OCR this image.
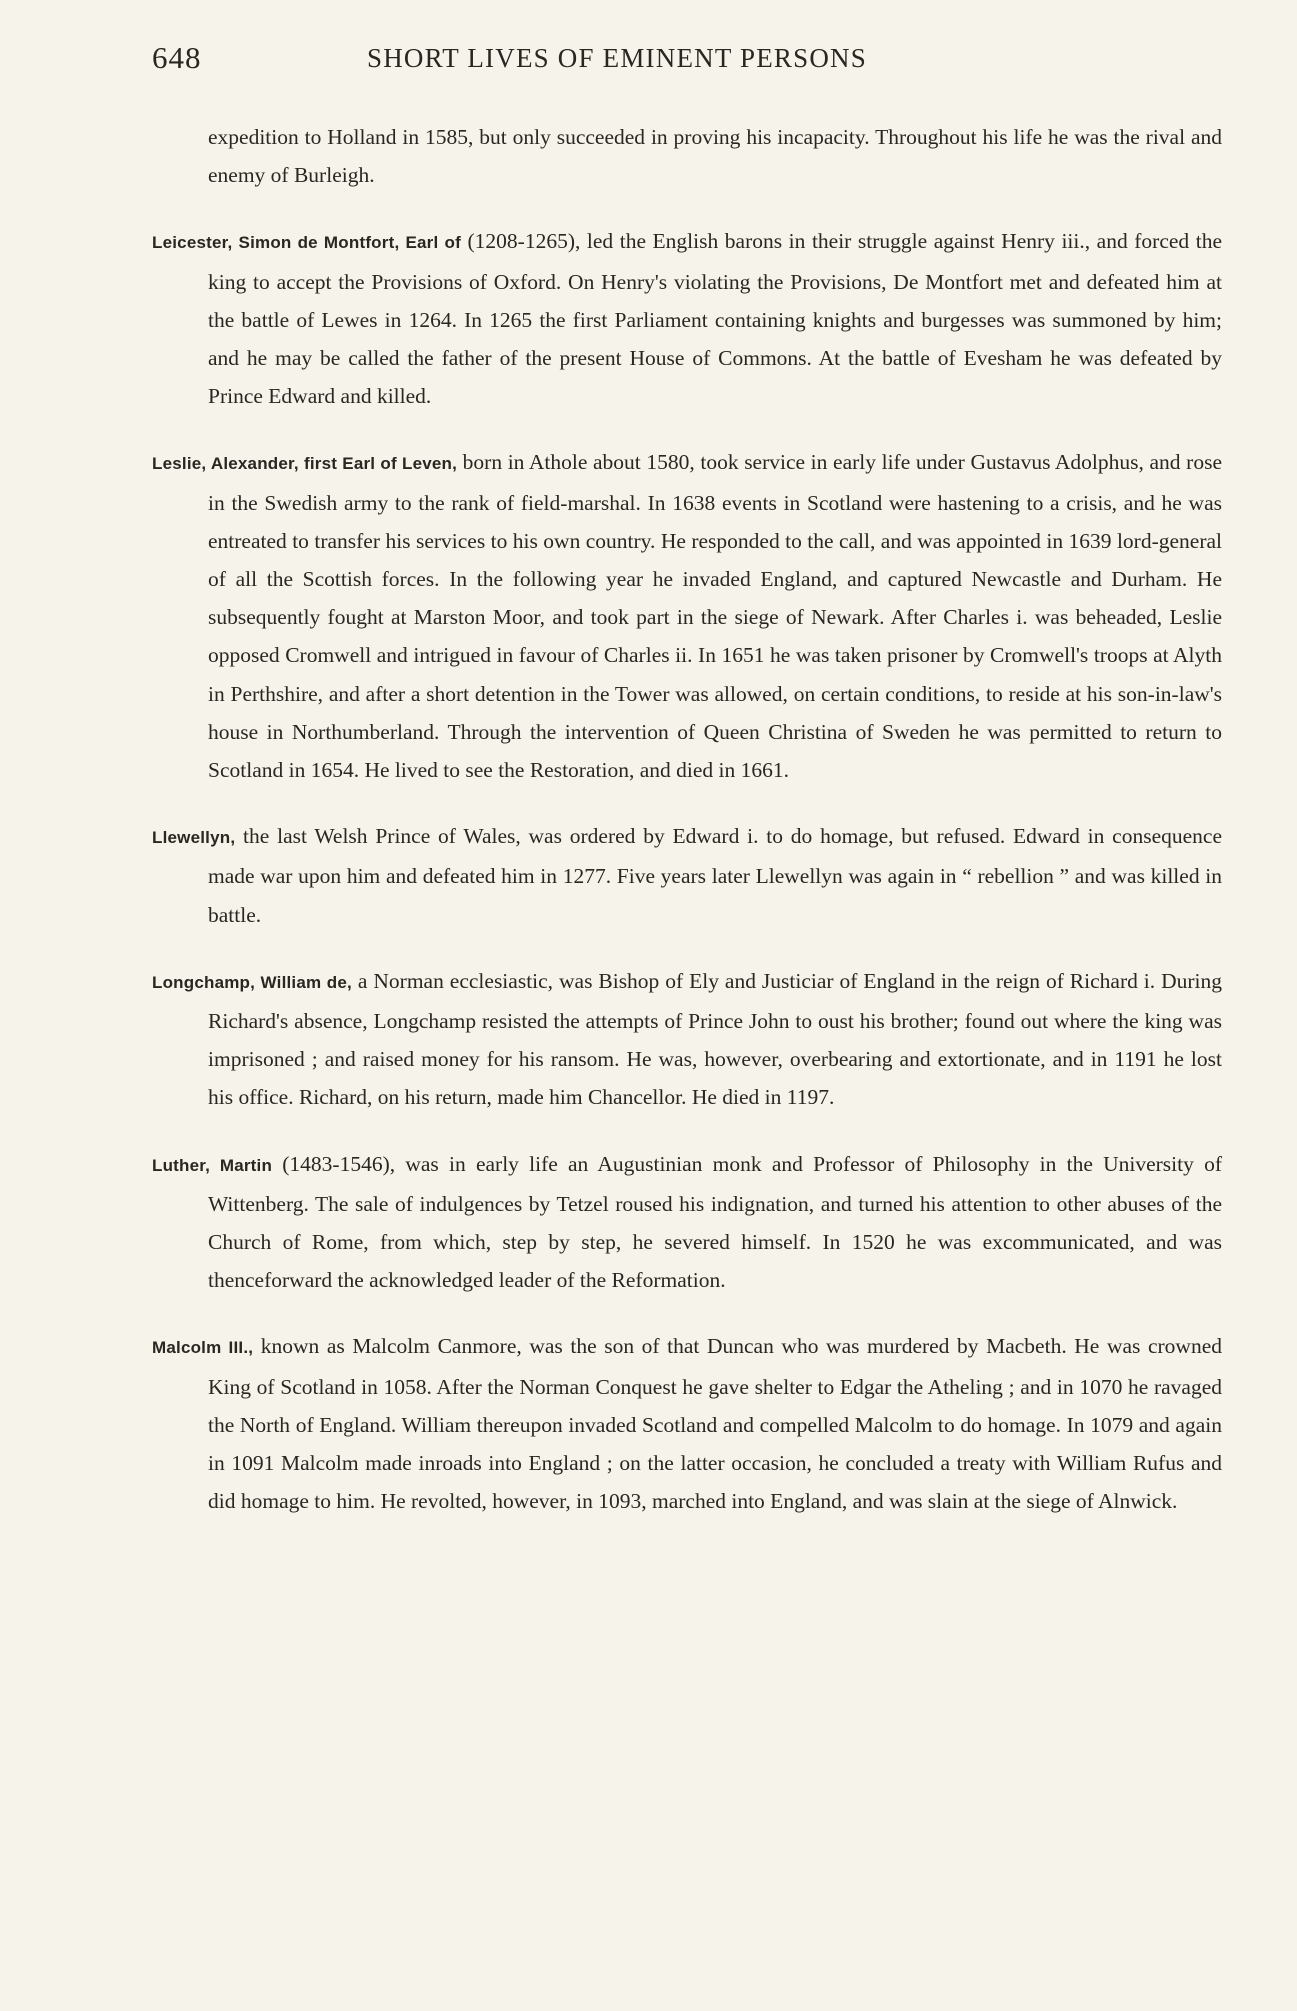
648	SHORT LIVES OF EMINENT PERSONS

expedition to Holland in 1585, but only succeeded in proving his incapacity. Throughout his life he was the rival and enemy of Burleigh.

Leicester, Simon de Montfort, Earl of (1208-1265), led the English barons in their struggle against Henry iii., and forced the king to accept the Provisions of Oxford. On Henry's violating the Provisions, De Montfort met and defeated him at the battle of Lewes in 1264. In 1265 the first Parliament containing knights and burgesses was summoned by him; and he may be called the father of the present House of Commons. At the battle of Evesham he was defeated by Prince Edward and killed.

Leslie, Alexander, first Earl of Leven, born in Athole about 1580, took service in early life under Gustavus Adolphus, and rose in the Swedish army to the rank of field-marshal. In 1638 events in Scotland were hastening to a crisis, and he was entreated to transfer his services to his own country. He responded to the call, and was appointed in 1639 lord-general of all the Scottish forces. In the following year he invaded England, and captured Newcastle and Durham. He subsequently fought at Marston Moor, and took part in the siege of Newark. After Charles i. was beheaded, Leslie opposed Cromwell and intrigued in favour of Charles ii. In 1651 he was taken prisoner by Cromwell's troops at Alyth in Perthshire, and after a short detention in the Tower was allowed, on certain conditions, to reside at his son-in-law's house in Northumberland. Through the intervention of Queen Christina of Sweden he was permitted to return to Scotland in 1654. He lived to see the Restoration, and died in 1661.

Llewellyn, the last Welsh Prince of Wales, was ordered by Edward i. to do homage, but refused. Edward in consequence made war upon him and defeated him in 1277. Five years later Llewellyn was again in “ rebellion ” and was killed in battle.

Longchamp, William de, a Norman ecclesiastic, was Bishop of Ely and Justiciar of England in the reign of Richard i. During Richard's absence, Longchamp resisted the attempts of Prince John to oust his brother; found out where the king was imprisoned ; and raised money for his ransom. He was, however, overbearing and extortionate, and in 1191 he lost his office. Richard, on his return, made him Chancellor. He died in 1197.

Luther, Martin (1483-1546), was in early life an Augustinian monk and Professor of Philosophy in the University of Wittenberg. The sale of indulgences by Tetzel roused his indignation, and turned his attention to other abuses of the Church of Rome, from which, step by step, he severed himself. In 1520 he was excommunicated, and was thenceforward the acknowledged leader of the Reformation.

Malcolm III., known as Malcolm Canmore, was the son of that Duncan who was murdered by Macbeth. He was crowned King of Scotland in 1058. After the Norman Conquest he gave shelter to Edgar the Atheling ; and in 1070 he ravaged the North of England. William thereupon invaded Scotland and compelled Malcolm to do homage. In 1079 and again in 1091 Malcolm made inroads into England ; on the latter occasion, he concluded a treaty with William Rufus and did homage to him. He revolted, however, in 1093, marched into England, and was slain at the siege of Alnwick.
